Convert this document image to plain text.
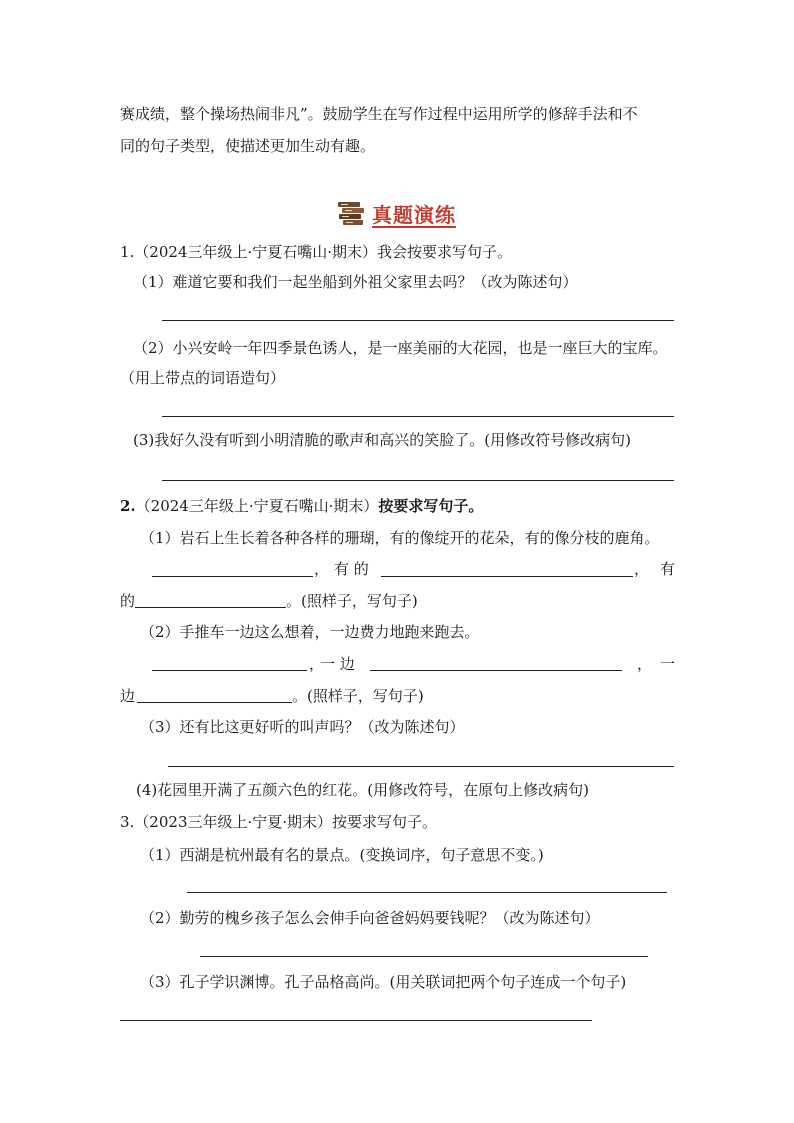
赛成绩，整个操场热闹非凡”。鼓励学生在写作过程中运用所学的修辞手法和不
同的句子类型，使描述更加生动有趣。
真题演练
1.（2024三年级上·宁夏石嘴山·期末）我会按要求写句子。
（1）难道它要和我们一起坐船到外祖父家里去吗？（改为陈述句）
（2）小兴安岭一年四季景色诱人，是一座美丽的大花园，也是一座巨大的宝库。
（用上带点的词语造句）
(3)我好久没有听到小明清脆的歌声和高兴的笑脸了。(用修改符号修改病句)
2.（2024三年级上·宁夏石嘴山·期末）按要求写句子。
（1）岩石上生长着各种各样的珊瑚，有的像绽开的花朵，有的像分枝的鹿角。
， 有 的	， 有
的	。(照样子，写句子)
（2）手推车一边这么想着，一边费力地跑来跑去。
，
一 边	， 一
边	。(照样子，写句子)
（3）还有比这更好听的叫声吗？（改为陈述句）
(4)花园里开满了五颜六色的红花。(用修改符号，在原句上修改病句)
3.（2023三年级上·宁夏·期末）按要求写句子。
（1）西湖是杭州最有名的景点。(变换词序，句子意思不变。)
（2）勤劳的槐乡孩子怎么会伸手向爸爸妈妈要钱呢？（改为陈述句）
（3）孔子学识渊博。孔子品格高尚。(用关联词把两个句子连成一个句子)
